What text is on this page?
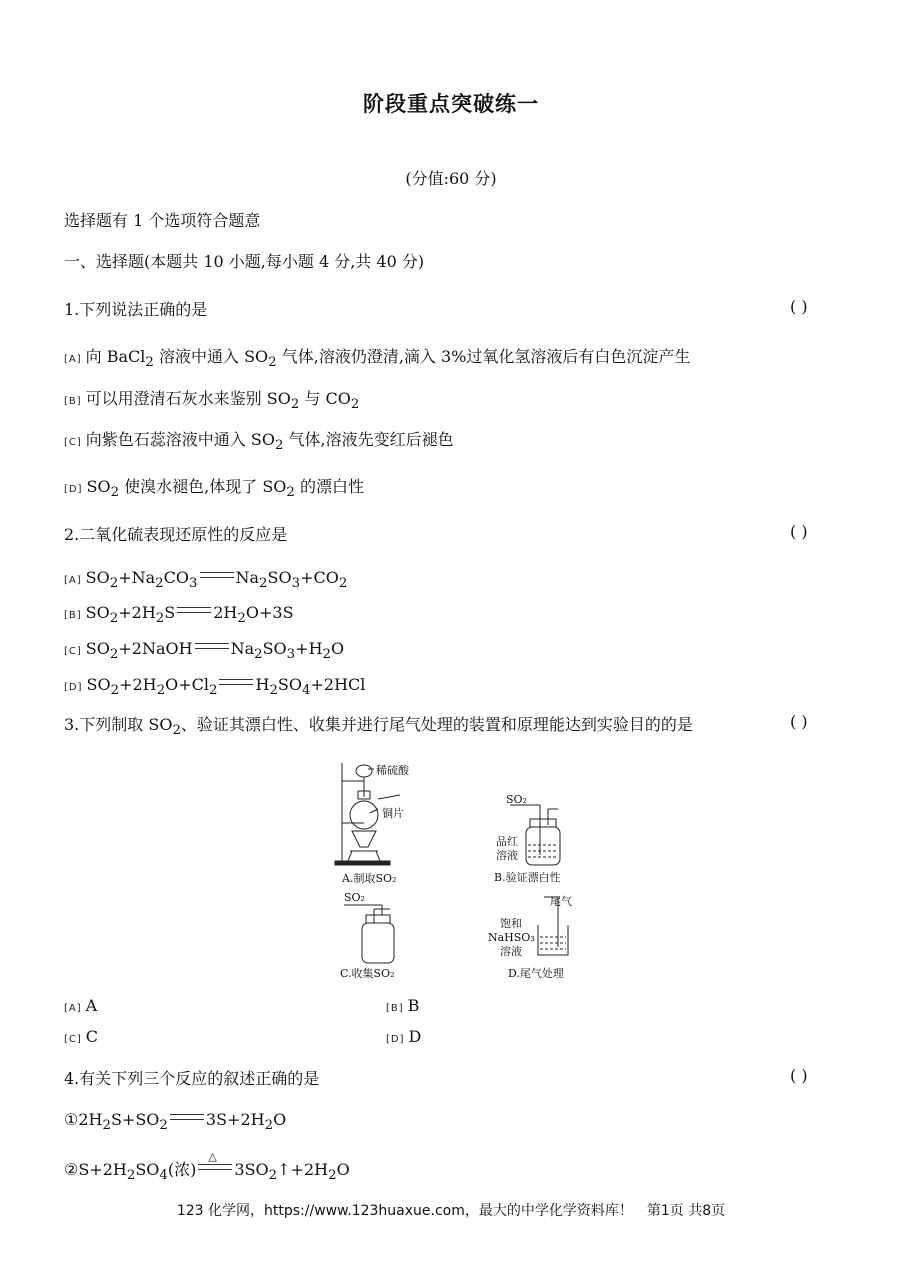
阶段重点突破练一
(分值:60 分)
选择题有 1 个选项符合题意
一、选择题(本题共 10 小题,每小题 4 分,共 40 分)
1.下列说法正确的是	( )
[A] 向 BaCl$_2$ 溶液中通入 $SO_2$ 气体,溶液仍澄清,滴入 3%过氧化氢溶液后有白色沉淀产生
[B] 可以用澄清石灰水来鉴别 $SO_2$ 与 $CO_2$
[C] 向紫色石蕊溶液中通入 $SO_2$ 气体,溶液先变红后褪色
[D] $SO_2$ 使溴水褪色,体现了 $SO_2$ 的漂白性
2.二氧化硫表现还原性的反应是	( )
[A] $SO_2+Na_2CO_3$ $Na_2SO_3+CO_2$
[B] $SO_2+2H_2S$ $2H_2O+3S$
[C] $SO_2+2NaOH$ $Na_2SO_3+H_2O$
[D] $SO_2+2H_2O+Cl_2$ $H_2SO_4+2HCl$
3.下列制取 $SO_2$、验证其漂白性、收集并进行尾气处理的装置和原理能达到实验目的的是	( )
稀硫酸
铜片
A.制取SO₂
SO₂
品红
溶液
B.验证漂白性
SO₂
C.收集SO₂
尾气
饱和
NaHSO₃
溶液
D.尾气处理
[A] A	[B] B
[C] C	[D] D
4.有关下列三个反应的叙述正确的是	( )
$①2H_2S+SO_2$ $3S+2H_2O$
$②S+2H_2SO_4$(浓)
△
$3SO_2↑+2H_2O$
123 化学网，https://www.123huaxue.com，最大的中学化学资料库！　第1页 共8页
